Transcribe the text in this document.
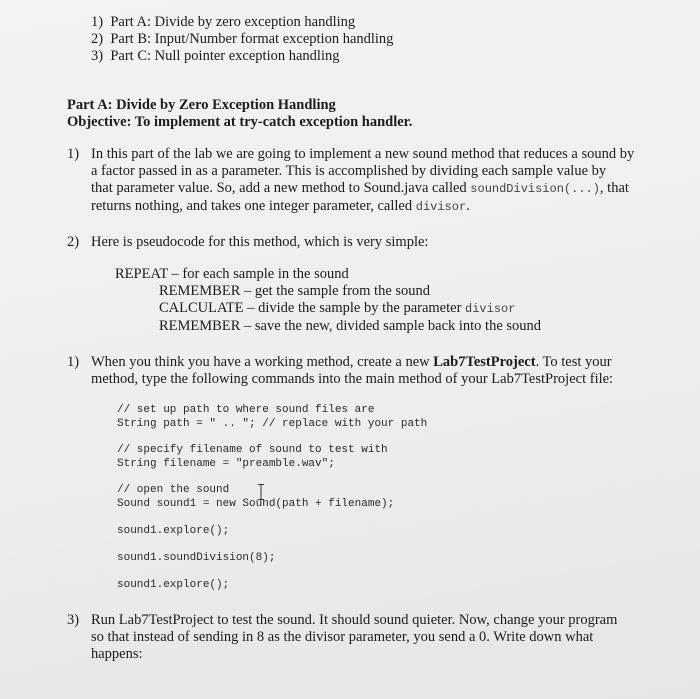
1) Part A: Divide by zero exception handling
2) Part B: Input/Number format exception handling
3) Part C: Null pointer exception handling
Part A: Divide by Zero Exception Handling
Objective: To implement at try-catch exception handler.
1) In this part of the lab we are going to implement a new sound method that reduces a sound by
a factor passed in as a parameter. This is accomplished by dividing each sample value by
that parameter value. So, add a new method to Sound.java called soundDivision(...), that
returns nothing, and takes one integer parameter, called divisor.
2) Here is pseudocode for this method, which is very simple:
REPEAT – for each sample in the sound
REMEMBER – get the sample from the sound
CALCULATE – divide the sample by the parameter divisor
REMEMBER – save the new, divided sample back into the sound
1) When you think you have a working method, create a new Lab7TestProject. To test your
method, type the following commands into the main method of your Lab7TestProject file:
// set up path to where sound files are
String path = " .. "; // replace with your path
// specify filename of sound to test with
String filename = "preamble.wav";
// open the sound
Sound sound1 = new Sound(path + filename);
sound1.explore();
sound1.soundDivision(8);
sound1.explore();
3) Run Lab7TestProject to test the sound. It should sound quieter. Now, change your program
so that instead of sending in 8 as the divisor parameter, you send a 0. Write down what
happens:
